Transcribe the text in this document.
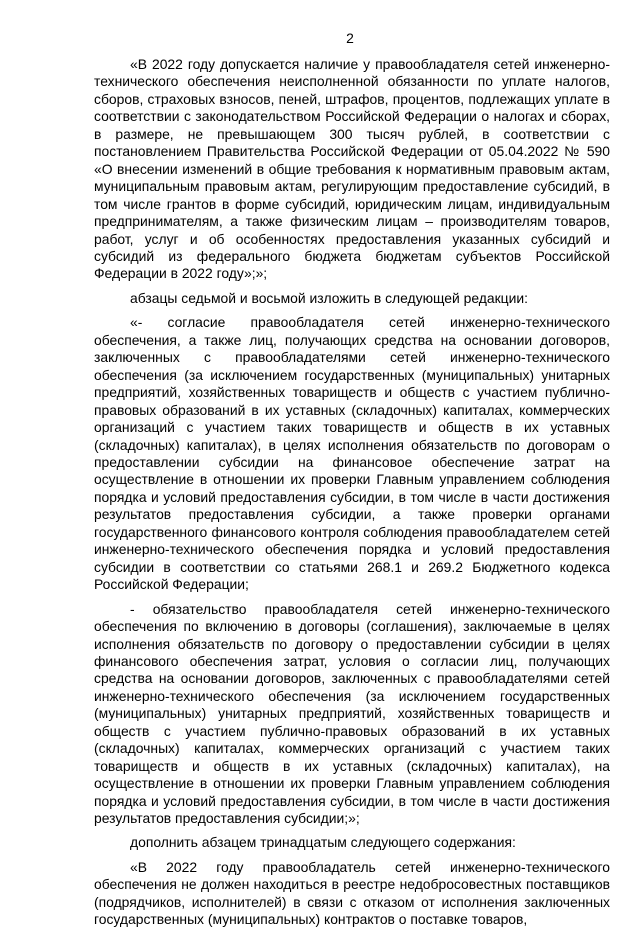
2

«В 2022 году допускается наличие у правообладателя сетей инженерно-технического обеспечения неисполненной обязанности по уплате налогов, сборов, страховых взносов, пеней, штрафов, процентов, подлежащих уплате в соответствии с законодательством Российской Федерации о налогах и сборах, в размере, не превышающем 300 тысяч рублей, в соответствии с постановлением Правительства Российской Федерации от 05.04.2022 № 590 «О внесении изменений в общие требования к нормативным правовым актам, муниципальным правовым актам, регулирующим предоставление субсидий, в том числе грантов в форме субсидий, юридическим лицам, индивидуальным предпринимателям, а также физическим лицам – производителям товаров, работ, услуг и об особенностях предоставления указанных субсидий и субсидий из федерального бюджета бюджетам субъектов Российской Федерации в 2022 году»;»;

абзацы седьмой и восьмой изложить в следующей редакции:

«- согласие правообладателя сетей инженерно-технического обеспечения, а также лиц, получающих средства на основании договоров, заключенных с правообладателями сетей инженерно-технического обеспечения (за исключением государственных (муниципальных) унитарных предприятий, хозяйственных товариществ и обществ с участием публично-правовых образований в их уставных (складочных) капиталах, коммерческих организаций с участием таких товариществ и обществ в их уставных (складочных) капиталах), в целях исполнения обязательств по договорам о предоставлении субсидии на финансовое обеспечение затрат на осуществление в отношении их проверки Главным управлением соблюдения порядка и условий предоставления субсидии, в том числе в части достижения результатов предоставления субсидии, а также проверки органами государственного финансового контроля соблюдения правообладателем сетей инженерно-технического обеспечения порядка и условий предоставления субсидии в соответствии со статьями 268.1 и 269.2 Бюджетного кодекса Российской Федерации;

- обязательство правообладателя сетей инженерно-технического обеспечения по включению в договоры (соглашения), заключаемые в целях исполнения обязательств по договору о предоставлении субсидии в целях финансового обеспечения затрат, условия о согласии лиц, получающих средства на основании договоров, заключенных с правообладателями сетей инженерно-технического обеспечения (за исключением государственных (муниципальных) унитарных предприятий, хозяйственных товариществ и обществ с участием публично-правовых образований в их уставных (складочных) капиталах, коммерческих организаций с участием таких товариществ и обществ в их уставных (складочных) капиталах), на осуществление в отношении их проверки Главным управлением соблюдения порядка и условий предоставления субсидии, в том числе в части достижения результатов предоставления субсидии;»;

дополнить абзацем тринадцатым следующего содержания:

«В 2022 году правообладатель сетей инженерно-технического обеспечения не должен находиться в реестре недобросовестных поставщиков (подрядчиков, исполнителей) в связи с отказом от исполнения заключенных государственных (муниципальных) контрактов о поставке товаров,
